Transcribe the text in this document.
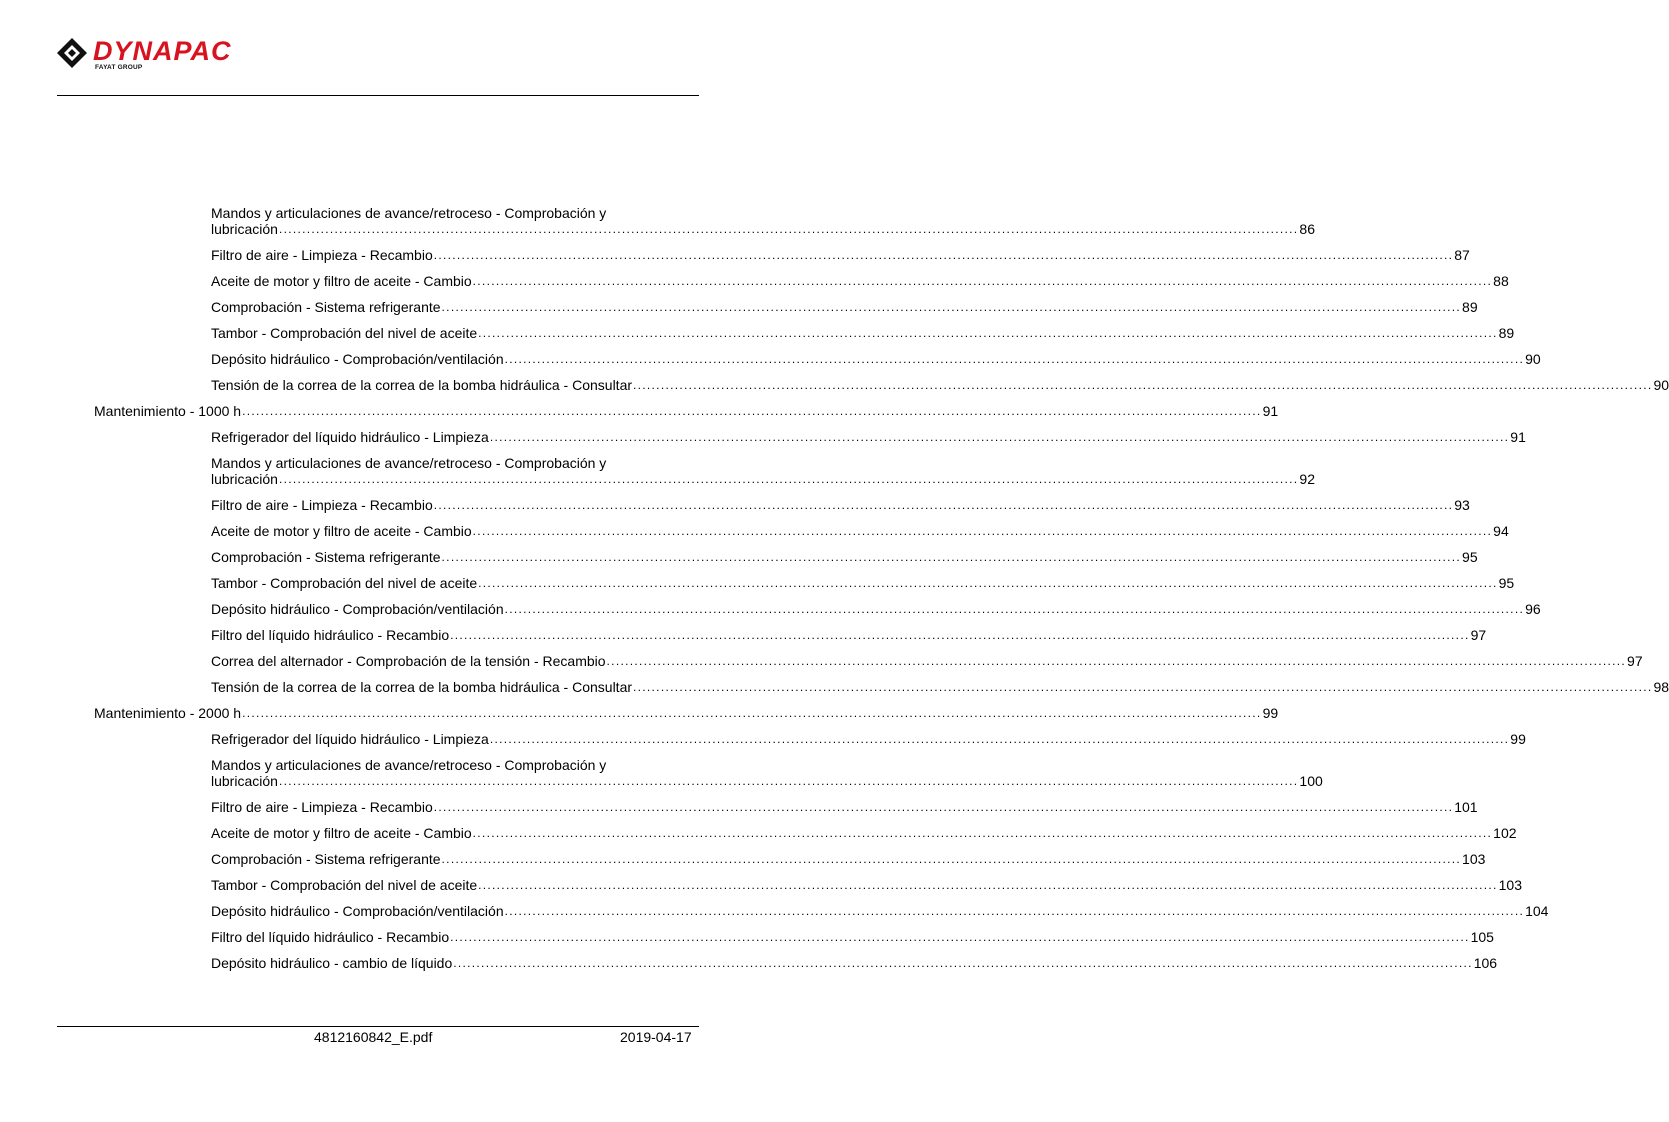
DYNAPAC
FAYAT GROUP
Mandos y articulaciones de avance/retroceso - Comprobación y
lubricación ............................................................................................................................................................................................................................ 86
Filtro de aire - Limpieza - Recambio ............................................................................................................................................................................................................................ 87
Aceite de motor y filtro de aceite - Cambio ............................................................................................................................................................................................................................ 88
Comprobación - Sistema refrigerante ............................................................................................................................................................................................................................ 89
Tambor - Comprobación del nivel de aceite ............................................................................................................................................................................................................................ 89
Depósito hidráulico - Comprobación/ventilación ............................................................................................................................................................................................................................ 90
Tensión de la correa de la correa de la bomba hidráulica - Consultar ............................................................................................................................................................................................................................ 90
Mantenimiento - 1000 h ............................................................................................................................................................................................................................ 91
Refrigerador del líquido hidráulico - Limpieza ............................................................................................................................................................................................................................ 91
Mandos y articulaciones de avance/retroceso - Comprobación y
lubricación ............................................................................................................................................................................................................................ 92
Filtro de aire - Limpieza - Recambio ............................................................................................................................................................................................................................ 93
Aceite de motor y filtro de aceite - Cambio ............................................................................................................................................................................................................................ 94
Comprobación - Sistema refrigerante ............................................................................................................................................................................................................................ 95
Tambor - Comprobación del nivel de aceite ............................................................................................................................................................................................................................ 95
Depósito hidráulico - Comprobación/ventilación ............................................................................................................................................................................................................................ 96
Filtro del líquido hidráulico - Recambio ............................................................................................................................................................................................................................ 97
Correa del alternador - Comprobación de la tensión - Recambio ............................................................................................................................................................................................................................ 97
Tensión de la correa de la correa de la bomba hidráulica - Consultar ............................................................................................................................................................................................................................ 98
Mantenimiento - 2000 h ............................................................................................................................................................................................................................ 99
Refrigerador del líquido hidráulico - Limpieza ............................................................................................................................................................................................................................ 99
Mandos y articulaciones de avance/retroceso - Comprobación y
lubricación ............................................................................................................................................................................................................................ 100
Filtro de aire - Limpieza - Recambio ............................................................................................................................................................................................................................ 101
Aceite de motor y filtro de aceite - Cambio ............................................................................................................................................................................................................................ 102
Comprobación - Sistema refrigerante ............................................................................................................................................................................................................................ 103
Tambor - Comprobación del nivel de aceite ............................................................................................................................................................................................................................ 103
Depósito hidráulico - Comprobación/ventilación ............................................................................................................................................................................................................................ 104
Filtro del líquido hidráulico - Recambio ............................................................................................................................................................................................................................ 105
Depósito hidráulico - cambio de líquido ............................................................................................................................................................................................................................ 106
4812160842_E.pdf	2019-04-17
